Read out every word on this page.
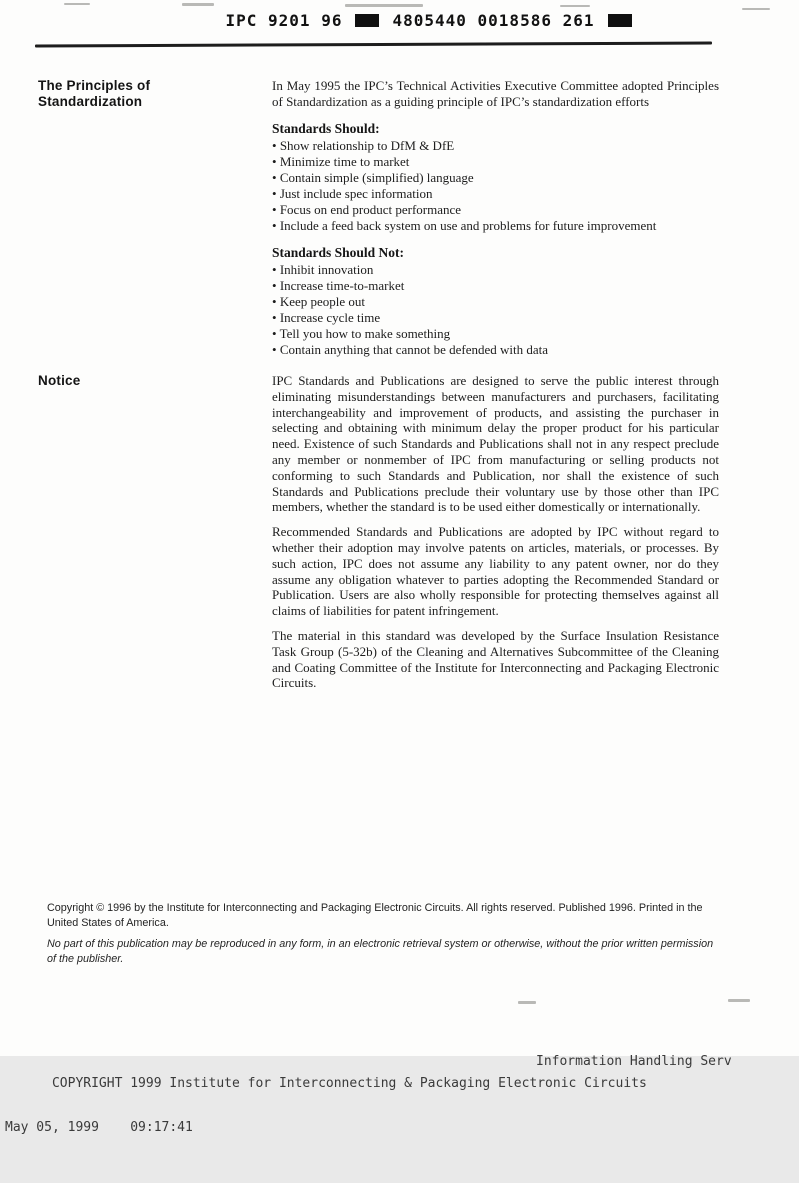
IPC 9201 96	4805440 0018586 261
The Principles of Standardization

In May 1995 the IPC’s Technical Activities Executive Committee adopted Principles of Standardization as a guiding principle of IPC’s standardization efforts

Standards Should:
• Show relationship to DfM & DfE
• Minimize time to market
• Contain simple (simplified) language
• Just include spec information
• Focus on end product performance
• Include a feed back system on use and problems for future improvement
Standards Should Not:
• Inhibit innovation
• Increase time-to-market
• Keep people out
• Increase cycle time
• Tell you how to make something
• Contain anything that cannot be defended with data
Notice	IPC Standards and Publications are designed to serve the public interest through eliminating misunderstandings between manufacturers and purchasers, facilitating interchangeability and improvement of products, and assisting the purchaser in selecting and obtaining with minimum delay the proper product for his particular need. Existence of such Standards and Publications shall not in any respect preclude any member or nonmember of IPC from manufacturing or selling products not conforming to such Standards and Publication, nor shall the existence of such Standards and Publications preclude their voluntary use by those other than IPC members, whether the standard is to be used either domestically or internationally.

Recommended Standards and Publications are adopted by IPC without regard to whether their adoption may involve patents on articles, materials, or processes. By such action, IPC does not assume any liability to any patent owner, nor do they assume any obligation whatever to parties adopting the Recommended Standard or Publication. Users are also wholly responsible for protecting themselves against all claims of liabilities for patent infringement.

The material in this standard was developed by the Surface Insulation Resistance Task Group (5-32b) of the Cleaning and Alternatives Subcommittee of the Cleaning and Coating Committee of the Institute for Interconnecting and Packaging Electronic Circuits.

Copyright © 1996 by the Institute for Interconnecting and Packaging Electronic Circuits. All rights reserved. Published 1996. Printed in the United States of America.

No part of this publication may be reproduced in any form, in an electronic retrieval system or otherwise, without the prior written permission of the publisher.

COPYRIGHT 1999 Institute for Interconnecting & Packaging Electronic Circuits

Information Handling Serv

May 05, 1999    09:17:41
